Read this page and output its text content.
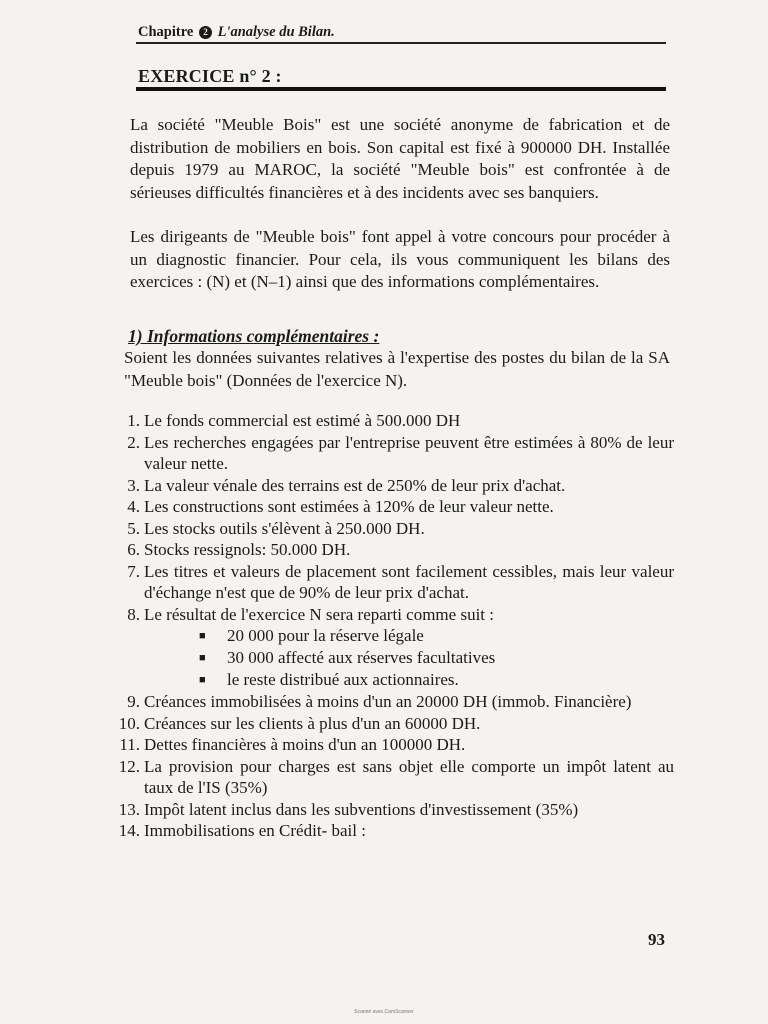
Chapitre 2 L'analyse du Bilan.
EXERCICE n° 2 :
La société "Meuble Bois" est une société anonyme de fabrication et de distribution de mobiliers en bois. Son capital est fixé à 900000 DH. Installée depuis 1979 au MAROC, la société "Meuble bois" est confrontée à de sérieuses difficultés financières et à des incidents avec ses banquiers.
Les dirigeants de "Meuble bois" font appel à votre concours pour procéder à un diagnostic financier. Pour cela, ils vous communiquent les bilans des exercices : (N) et (N–1) ainsi que des informations complémentaires.
1) Informations complémentaires :
Soient les données suivantes relatives à l'expertise des postes du bilan de la SA "Meuble bois" (Données de l'exercice N).
1. Le fonds commercial est estimé à 500.000 DH
2. Les recherches engagées par l'entreprise peuvent être estimées à 80% de leur valeur nette.
3. La valeur vénale des terrains est de 250% de leur prix d'achat.
4. Les constructions sont estimées à 120% de leur valeur nette.
5. Les stocks outils s'élèvent à 250.000 DH.
6. Stocks ressignols: 50.000 DH.
7. Les titres et valeurs de placement sont facilement cessibles, mais leur valeur d'échange n'est que de 90% de leur prix d'achat.
8. Le résultat de l'exercice N sera reparti comme suit :
■ 20 000 pour la réserve légale
■ 30 000 affecté aux réserves facultatives
■ le reste distribué aux actionnaires.
9. Créances immobilisées à moins d'un an 20000 DH (immob. Financière)
10. Créances sur les clients à plus d'un an 60000 DH.
11. Dettes financières à moins d'un an 100000 DH.
12. La provision pour charges est sans objet elle comporte un impôt latent au taux de l'IS (35%)
13. Impôt latent inclus dans les subventions d'investissement (35%)
14. Immobilisations en Crédit- bail :
93
Scanné avec CamScanner
